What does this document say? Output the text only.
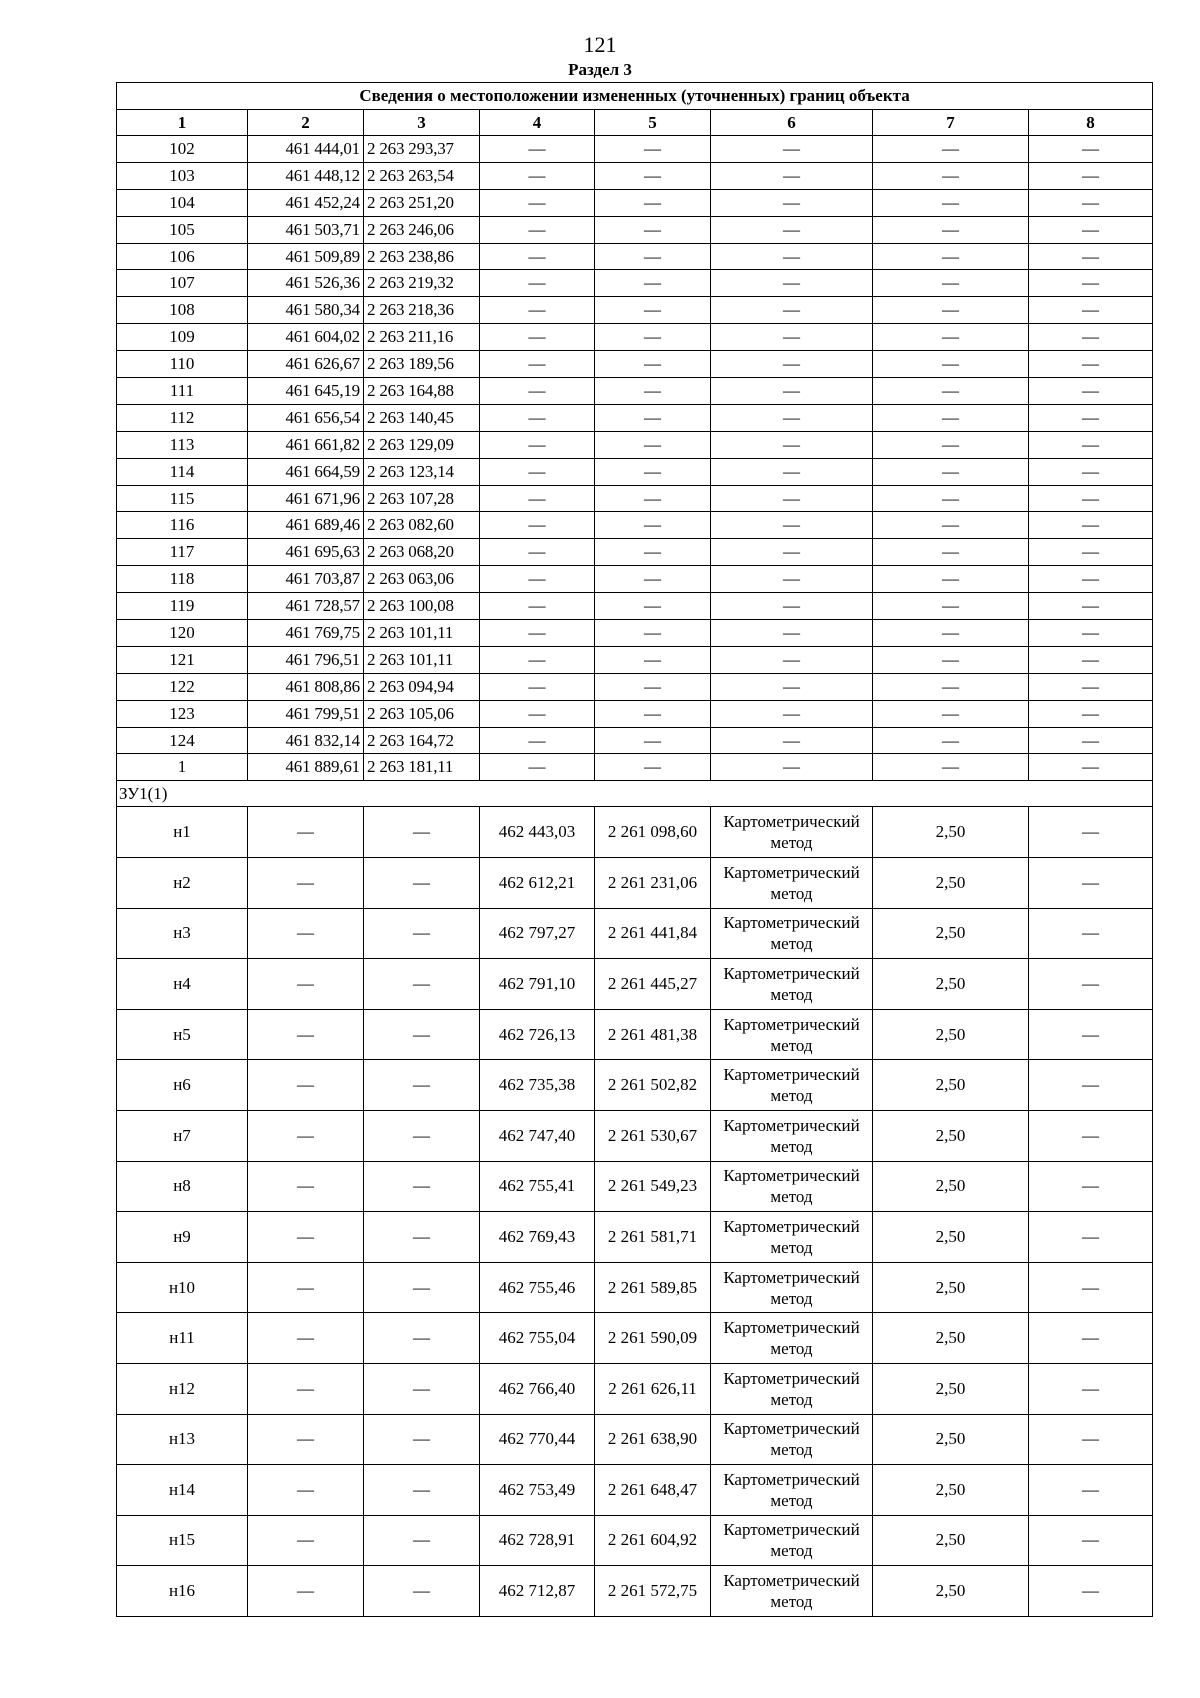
121
Раздел 3
Сведения о местоположении измененных (уточненных) границ объекта							
1	2	3	4	5	6	7	8
102	461 444,01	2 263 293,37	—	—	—	—	—
103	461 448,12	2 263 263,54	—	—	—	—	—
104	461 452,24	2 263 251,20	—	—	—	—	—
105	461 503,71	2 263 246,06	—	—	—	—	—
106	461 509,89	2 263 238,86	—	—	—	—	—
107	461 526,36	2 263 219,32	—	—	—	—	—
108	461 580,34	2 263 218,36	—	—	—	—	—
109	461 604,02	2 263 211,16	—	—	—	—	—
110	461 626,67	2 263 189,56	—	—	—	—	—
111	461 645,19	2 263 164,88	—	—	—	—	—
112	461 656,54	2 263 140,45	—	—	—	—	—
113	461 661,82	2 263 129,09	—	—	—	—	—
114	461 664,59	2 263 123,14	—	—	—	—	—
115	461 671,96	2 263 107,28	—	—	—	—	—
116	461 689,46	2 263 082,60	—	—	—	—	—
117	461 695,63	2 263 068,20	—	—	—	—	—
118	461 703,87	2 263 063,06	—	—	—	—	—
119	461 728,57	2 263 100,08	—	—	—	—	—
120	461 769,75	2 263 101,11	—	—	—	—	—
121	461 796,51	2 263 101,11	—	—	—	—	—
122	461 808,86	2 263 094,94	—	—	—	—	—
123	461 799,51	2 263 105,06	—	—	—	—	—
124	461 832,14	2 263 164,72	—	—	—	—	—
1	461 889,61	2 263 181,11	—	—	—	—	—
ЗУ1(1)							
н1	—	—	462 443,03	2 261 098,60	Картометрический метод	2,50	—
н2	—	—	462 612,21	2 261 231,06	Картометрический метод	2,50	—
н3	—	—	462 797,27	2 261 441,84	Картометрический метод	2,50	—
н4	—	—	462 791,10	2 261 445,27	Картометрический метод	2,50	—
н5	—	—	462 726,13	2 261 481,38	Картометрический метод	2,50	—
н6	—	—	462 735,38	2 261 502,82	Картометрический метод	2,50	—
н7	—	—	462 747,40	2 261 530,67	Картометрический метод	2,50	—
н8	—	—	462 755,41	2 261 549,23	Картометрический метод	2,50	—
н9	—	—	462 769,43	2 261 581,71	Картометрический метод	2,50	—
н10	—	—	462 755,46	2 261 589,85	Картометрический метод	2,50	—
н11	—	—	462 755,04	2 261 590,09	Картометрический метод	2,50	—
н12	—	—	462 766,40	2 261 626,11	Картометрический метод	2,50	—
н13	—	—	462 770,44	2 261 638,90	Картометрический метод	2,50	—
н14	—	—	462 753,49	2 261 648,47	Картометрический метод	2,50	—
н15	—	—	462 728,91	2 261 604,92	Картометрический метод	2,50	—
н16	—	—	462 712,87	2 261 572,75	Картометрический метод	2,50	—
